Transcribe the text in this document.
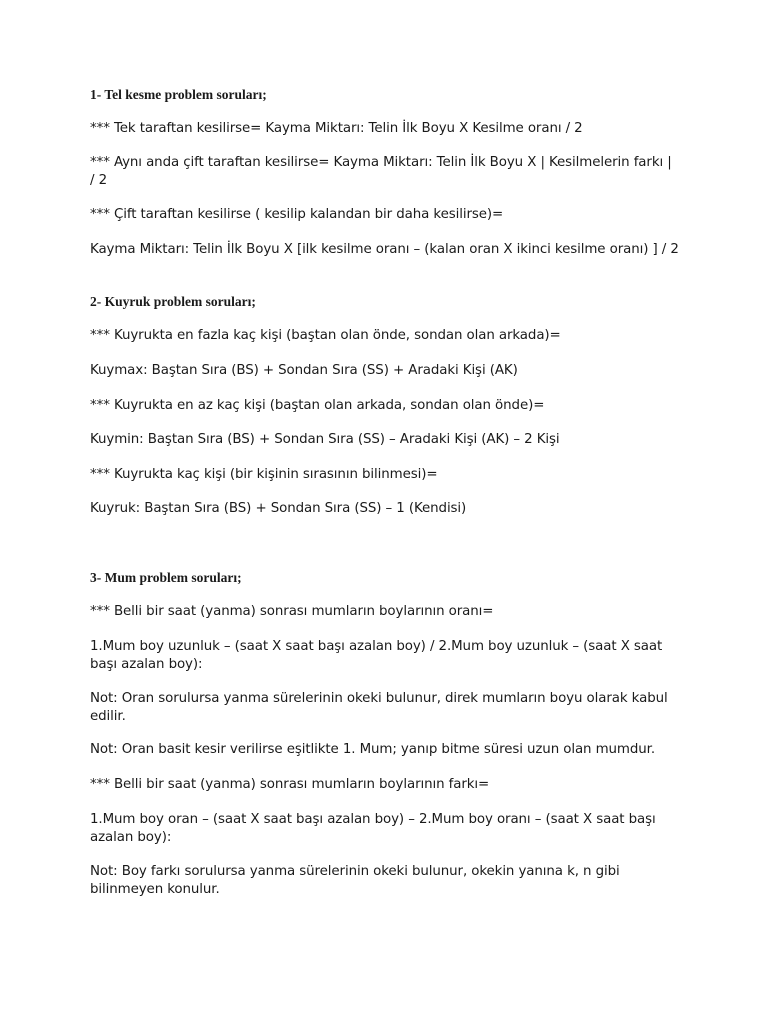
1- Tel kesme problem soruları;

*** Tek taraftan kesilirse= Kayma Miktarı: Telin İlk Boyu X Kesilme oranı / 2

*** Aynı anda çift taraftan kesilirse= Kayma Miktarı: Telin İlk Boyu X | Kesilmelerin farkı | / 2

*** Çift taraftan kesilirse ( kesilip kalandan bir daha kesilirse)=

Kayma Miktarı: Telin İlk Boyu X [ilk kesilme oranı – (kalan oran X ikinci kesilme oranı) ] / 2

2- Kuyruk problem soruları;

*** Kuyrukta en fazla kaç kişi (baştan olan önde, sondan olan arkada)=

Kuymax: Baştan Sıra (BS) + Sondan Sıra (SS) + Aradaki Kişi (AK)

*** Kuyrukta en az kaç kişi (baştan olan arkada, sondan olan önde)=

Kuymin: Baştan Sıra (BS) + Sondan Sıra (SS) – Aradaki Kişi (AK) – 2 Kişi

*** Kuyrukta kaç kişi (bir kişinin sırasının bilinmesi)=

Kuyruk: Baştan Sıra (BS) + Sondan Sıra (SS) – 1 (Kendisi)

3- Mum problem soruları;

*** Belli bir saat (yanma) sonrası mumların boylarının oranı=

1.Mum boy uzunluk – (saat X saat başı azalan boy) / 2.Mum boy uzunluk – (saat X saat başı azalan boy):

Not: Oran sorulursa yanma sürelerinin okeki bulunur, direk mumların boyu olarak kabul edilir.

Not: Oran basit kesir verilirse eşitlikte 1. Mum; yanıp bitme süresi uzun olan mumdur.

*** Belli bir saat (yanma) sonrası mumların boylarının farkı=

1.Mum boy oran – (saat X saat başı azalan boy) – 2.Mum boy oranı – (saat X saat başı azalan boy):

Not: Boy farkı sorulursa yanma sürelerinin okeki bulunur, okekin yanına k, n gibi bilinmeyen konulur.
